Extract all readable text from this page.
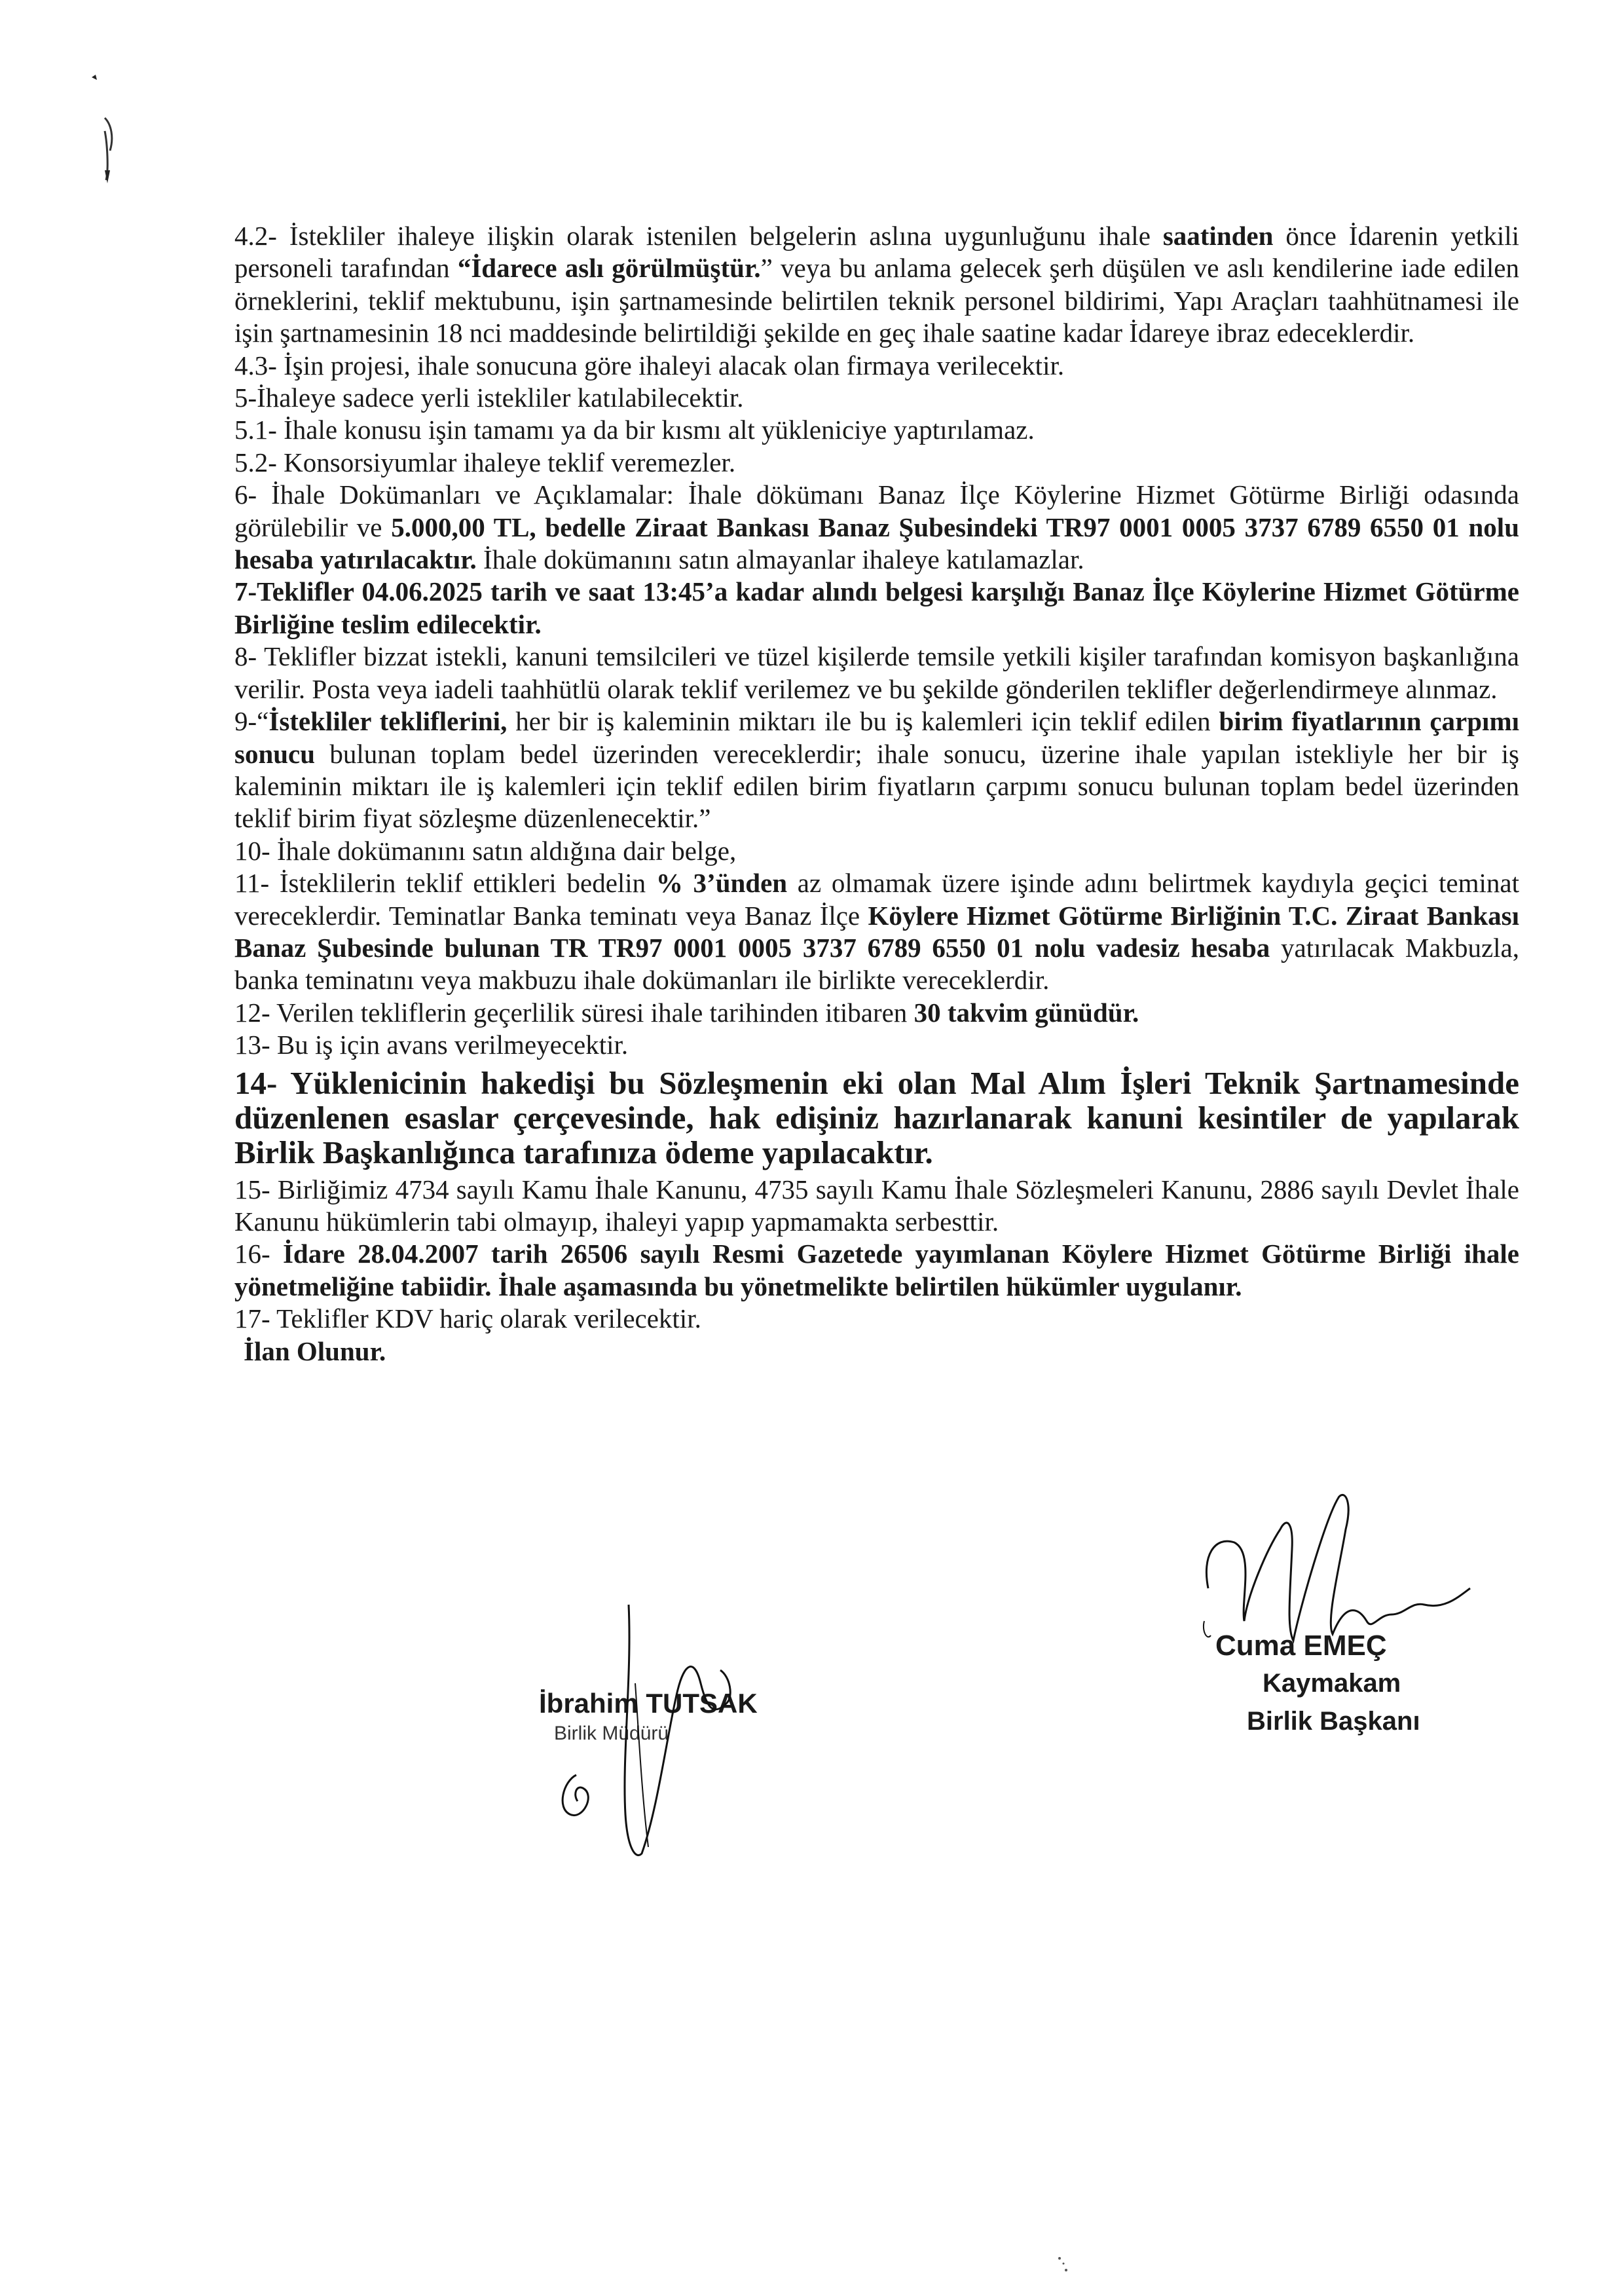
4.2- İstekliler ihaleye ilişkin olarak istenilen belgelerin aslına uygunluğunu ihale saatinden önce İdarenin yetkili personeli tarafından “İdarece aslı görülmüştür.” veya bu anlama gelecek şerh düşülen ve aslı kendilerine iade edilen örneklerini, teklif mektubunu, işin şartnamesinde belirtilen teknik personel bildirimi, Yapı Araçları taahhütnamesi ile işin şartnamesinin 18 nci maddesinde belirtildiği şekilde en geç ihale saatine kadar İdareye ibraz edeceklerdir.

4.3- İşin projesi, ihale sonucuna göre ihaleyi alacak olan firmaya verilecektir.

5-İhaleye sadece yerli istekliler katılabilecektir.

5.1- İhale konusu işin tamamı ya da bir kısmı alt yükleniciye yaptırılamaz.

5.2- Konsorsiyumlar ihaleye teklif veremezler.

6- İhale Dokümanları ve Açıklamalar: İhale dökümanı Banaz İlçe Köylerine Hizmet Götürme Birliği odasında görülebilir ve 5.000,00 TL, bedelle Ziraat Bankası Banaz Şubesindeki TR97 0001 0005 3737 6789 6550 01 nolu hesaba yatırılacaktır. İhale dokümanını satın almayanlar ihaleye katılamazlar.

7-Teklifler 04.06.2025 tarih ve saat 13:45’a kadar alındı belgesi karşılığı Banaz İlçe Köylerine Hizmet Götürme Birliğine teslim edilecektir.

8- Teklifler bizzat istekli, kanuni temsilcileri ve tüzel kişilerde temsile yetkili kişiler tarafından komisyon başkanlığına verilir. Posta veya iadeli taahhütlü olarak teklif verilemez ve bu şekilde gönderilen teklifler değerlendirmeye alınmaz.

9-“İstekliler tekliflerini, her bir iş kaleminin miktarı ile bu iş kalemleri için teklif edilen birim fiyatlarının çarpımı sonucu bulunan toplam bedel üzerinden vereceklerdir; ihale sonucu, üzerine ihale yapılan istekliyle her bir iş kaleminin miktarı ile iş kalemleri için teklif edilen birim fiyatların çarpımı sonucu bulunan toplam bedel üzerinden teklif birim fiyat sözleşme düzenlenecektir.”

10- İhale dokümanını satın aldığına dair belge,

11- İsteklilerin teklif ettikleri bedelin % 3’ünden az olmamak üzere işinde adını belirtmek kaydıyla geçici teminat vereceklerdir. Teminatlar Banka teminatı veya Banaz İlçe Köylere Hizmet Götürme Birliğinin T.C. Ziraat Bankası Banaz Şubesinde bulunan TR TR97 0001 0005 3737 6789 6550 01 nolu vadesiz hesaba yatırılacak Makbuzla, banka teminatını veya makbuzu ihale dokümanları ile birlikte vereceklerdir.

12- Verilen tekliflerin geçerlilik süresi ihale tarihinden itibaren 30 takvim günüdür.

13- Bu iş için avans verilmeyecektir.

14- Yüklenicinin hakedişi bu Sözleşmenin eki olan Mal Alım İşleri Teknik Şartnamesinde düzenlenen esaslar çerçevesinde, hak edişiniz hazırlanarak kanuni kesintiler de yapılarak Birlik Başkanlığınca tarafınıza ödeme yapılacaktır.

15- Birliğimiz 4734 sayılı Kamu İhale Kanunu, 4735 sayılı Kamu İhale Sözleşmeleri Kanunu, 2886 sayılı Devlet İhale Kanunu hükümlerin tabi olmayıp, ihaleyi yapıp yapmamakta serbesttir.

16- İdare 28.04.2007 tarih 26506 sayılı Resmi Gazetede yayımlanan Köylere Hizmet Götürme Birliği ihale yönetmeliğine tabiidir. İhale aşamasında bu yönetmelikte belirtilen hükümler uygulanır.

17- Teklifler KDV hariç olarak verilecektir.

İlan Olunur.

Cuma EMEÇ
Kaymakam
Birlik Başkanı
İbrahim TUTSAK
Birlik Müdürü
